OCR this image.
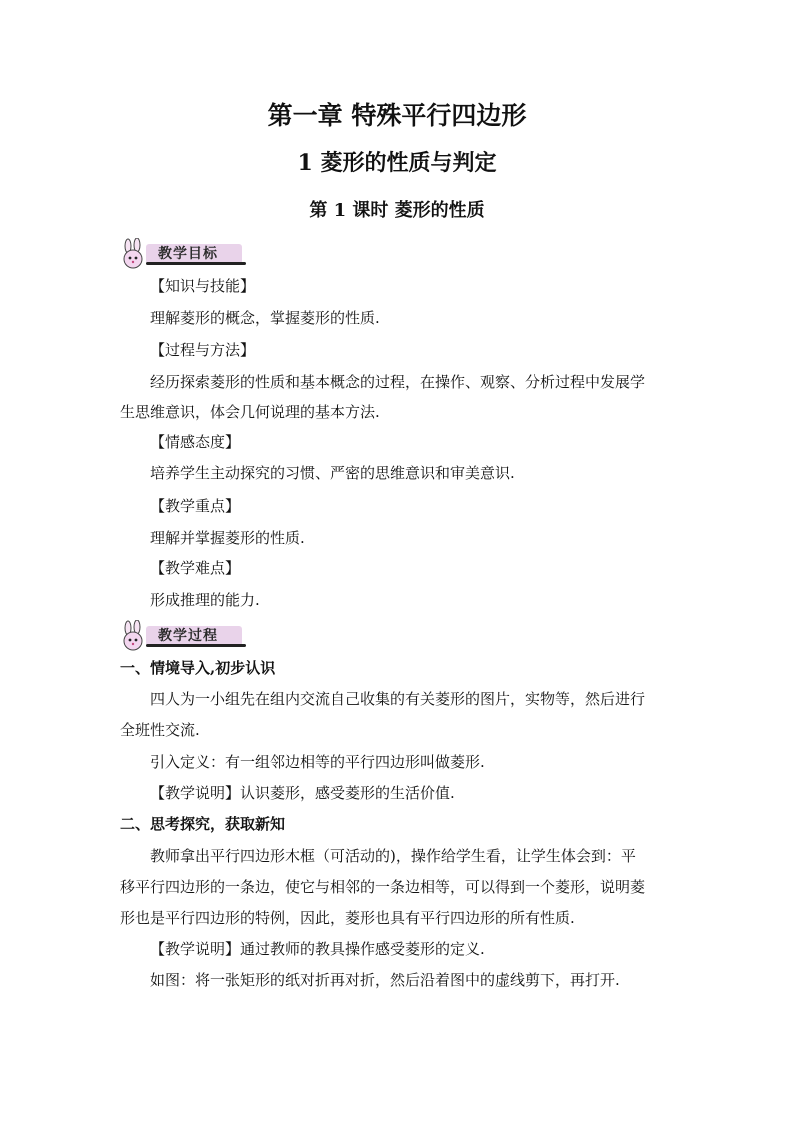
第一章 特殊平行四边形
1 菱形的性质与判定
第 1 课时 菱形的性质
教学目标
【知识与技能】
理解菱形的概念，掌握菱形的性质.
【过程与方法】
经历探索菱形的性质和基本概念的过程，在操作、观察、分析过程中发展学
生思维意识，体会几何说理的基本方法.
【情感态度】
培养学生主动探究的习惯、严密的思维意识和审美意识.
【教学重点】
理解并掌握菱形的性质.
【教学难点】
形成推理的能力.
教学过程
一、情境导入,初步认识
四人为一小组先在组内交流自己收集的有关菱形的图片，实物等，然后进行
全班性交流.
引入定义：有一组邻边相等的平行四边形叫做菱形.
【教学说明】认识菱形，感受菱形的生活价值.
二、思考探究，获取新知
教师拿出平行四边形木框（可活动的)，操作给学生看，让学生体会到：平
移平行四边形的一条边，使它与相邻的一条边相等，可以得到一个菱形，说明菱
形也是平行四边形的特例，因此，菱形也具有平行四边形的所有性质.
【教学说明】通过教师的教具操作感受菱形的定义.
如图：将一张矩形的纸对折再对折，然后沿着图中的虚线剪下，再打开.
